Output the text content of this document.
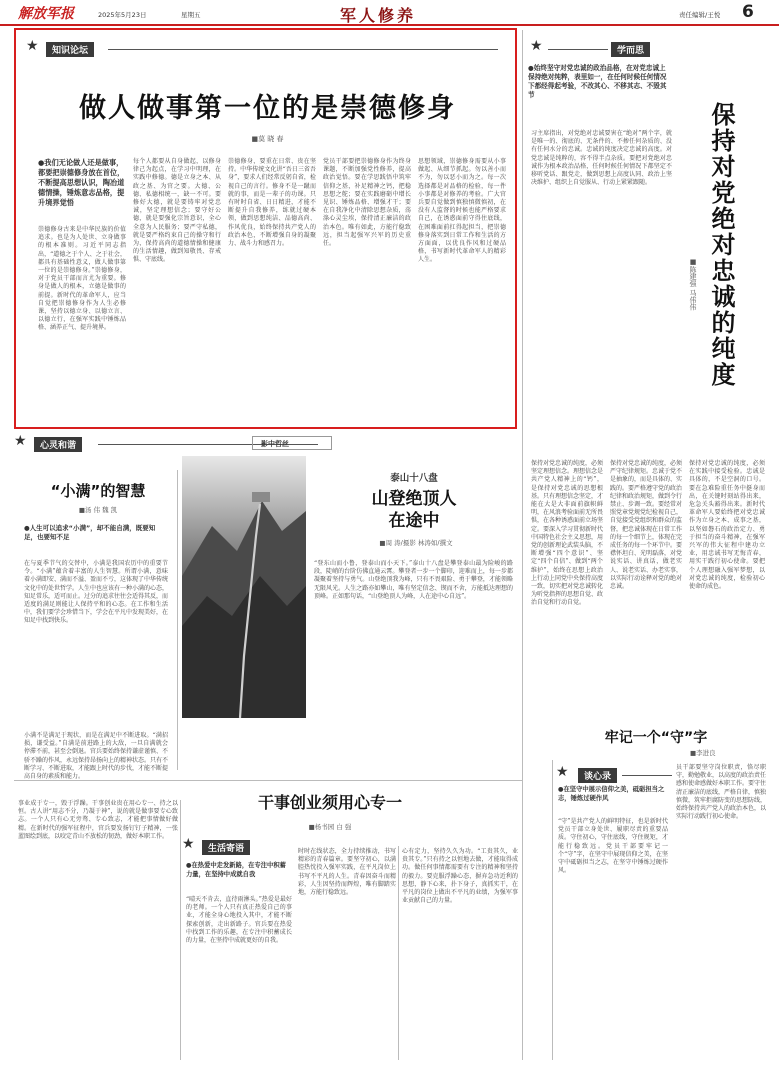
解放军报	2025年5月23日	星期五	军人修养	责任编辑/王悦 6
★	知识论坛
做人做事第一位的是崇德修身
■莫 晓 春
●我们无论做人还是做事，都要把崇德修身放在首位，不断提高思想认识，陶冶道德情操，锤炼意志品格，提升境界觉悟
崇德修身古来是中华民族的价值追求。也是为人处世、立身做事的根本准则。习近平同志指出，“道德之于个人、之于社会，都具有基础性意义，做人做事第一位的是崇德修身。”崇德修身，对于党员干部而言尤为重要。修身是做人的根本，立德是做事的前提。新时代的革命军人，应当自觉把崇德修身作为人生必修课，坚持以德立身、以德立言、以德立行，在强军实践中锤炼品格、涵养正气、提升境界。
每个人都要从自身做起，以修身律己为起点，在学习中明理，在实践中修德。德是立身之本、从政之基、为官之要。大德、公德、私德相统一，缺一不可。要修好大德，就是要铸牢对党忠诚，坚定理想信念；要守好公德，就是要强化宗旨意识，全心全意为人民服务；要严守私德，就是要严格约束自己的操守和行为，保持高尚的道德情操和健康的生活情趣，做到知敬畏、存戒惧、守底线。
崇德修身，要重在日常、贵在坚持。中华传统文化讲“吾日三省吾身”，要求人们经常反躬自省，检视自己的言行。修身不是一蹴而就的事，而是一辈子的功课。只有时时自省、日日精进，才能不断提升自我修养，练就过硬本领，做到思想纯洁、品德高尚、作风优良，始终保持共产党人的政治本色，不断增强自身的凝聚力、战斗力和感召力。
党员干部要把崇德修身作为终身课题，不断加强党性修养，提高政治觉悟。要在学思践悟中筑牢信仰之基，补足精神之钙，把稳思想之舵；要在实践磨砺中增长见识、锤炼品格、增强才干；要在自我净化中清除思想杂质，荡涤心灵尘埃，保持清正廉洁的政治本色。唯有如此，方能行稳致远，担当起强军兴军的历史重任。
思想领域，崇德修身需要从小事做起、从细节抓起。勿以善小而不为，勿以恶小而为之。每一次选择都是对品格的检验，每一件小事都是对修养的考验。广大官兵要自觉做到慎独慎微慎初，在没有人监督的时候也能严格要求自己，在诱惑面前守得住底线，在困难面前扛得起担当，把崇德修身落实到日常工作和生活的方方面面，以优良作风和过硬品格，书写新时代革命军人的精彩人生。
★	学而思
●始终坚守对党忠诚的政治品格，在对党忠诚上保持绝对纯粹，表里如一，在任何时候任何情况下都经得起考验，不改其心、不移其志、不毁其节
保持对党绝对忠诚的纯度
■陈建强 马伟伟
习主席指出，对党绝对忠诚要害在“绝对”两个字，就是唯一的、彻底的、无条件的、不掺任何杂质的、没有任何水分的忠诚。忠诚的纯度决定忠诚的高度。对党忠诚是纯粹的，容不得半点杂质。要把对党绝对忠诚作为根本政治品格，任何时候任何情况下都坚定不移听党话、跟党走，做到思想上高度认同、政治上坚决维护、组织上自觉服从、行动上紧紧跟随。
保持对党忠诚的纯度，必须坚定理想信念。理想信念是共产党人精神上的“钙”，是保持对党忠诚的思想根基。只有理想信念坚定，才能在大是大非面前旗帜鲜明，在风浪考验面前无所畏惧，在各种诱惑面前立场坚定。要深入学习贯彻新时代中国特色社会主义思想，用党的创新理论武装头脑，不断增强“四个意识”、坚定“四个自信”、做到“两个维护”，始终在思想上政治上行动上同党中央保持高度一致，切实把对党忠诚转化为听党指挥的思想自觉、政治自觉和行动自觉。
保持对党忠诚的纯度，必须严守纪律规矩。忠诚于党不是抽象的，而是具体的、实践的。要严格遵守党的政治纪律和政治规矩，做到令行禁止、步调一致。要经常对照党章党规党纪检视自己，自觉接受党组织和群众的监督，把忠诚体现在日常工作的每一个细节上，体现在完成任务的每一个环节中。要襟怀坦白、光明磊落，对党说实话、讲真话，做老实人、说老实话、办老实事，以实际行动诠释对党的绝对忠诚。
保持对党忠诚的纯度，必须在实践中接受检验。忠诚是具体的，不是空洞的口号。要在急难险重任务中挺身而出，在关键时刻站得出来，危急关头豁得出来。新时代革命军人要始终把对党忠诚作为立身之本、成事之基，以坚如磐石的政治定力、勇于担当的奋斗精神，在强军兴军的伟大征程中建功立业，用忠诚书写无悔青春，用实干践行初心使命。要把个人理想融入强军梦想，以对党忠诚的纯度，检验初心使命的成色。
★	心灵和谐
“小满”的智慧
■汤 伟 魏 凯
●人生可以追求“小满”，却不能自满，既要知足，也要知不足
在与夏季节气的交替中，小满是我国农历中的重要节令。“小满”蕴含着丰富的人生智慧。所谓小满，意味着小满即安、满而不溢、盈而不亏，这体现了中华传统文化中的处世哲学。人生中也应该有一种小满的心态，知足常乐，适可而止。过分的追求往往会适得其反，而适度的满足则能让人保持平和的心态。在工作和生活中，我们要学会珍惜当下，学会在平凡中发现美好，在知足中找到快乐。
小满不是满足于现状，而是在满足中不断进取。“满招损，谦受益。”自满是前进路上的大敌，一旦自满就会停滞不前，甚至会倒退。官兵要始终保持谦虚谨慎、不骄不躁的作风，永远保持昂扬向上的精神状态。只有不断学习、不断进取，才能跟上时代的步伐，才能不断提高自身的素质和能力。
影中哲丝
泰山十八盘
山登绝顶人在途中
■周 涛/摄影 林涛如/撰文
“登东山而小鲁，登泰山而小天下。”泰山十八盘是攀登泰山最为险峻的路段，陡峭的台阶仿佛直通云霄。攀登者一步一个脚印，迎难而上，每一步都凝聚着坚持与勇气。山登绝顶我为峰，只有不畏艰险、勇于攀登，才能领略无限风光。人生之路亦如攀山，唯有坚定信念、锲而不舍，方能抵达理想的顶峰。正如那句话，“山登绝顶人为峰，人在途中心自远”。
牢记一个“守”字
■李进良
干事创业须用心专一
■杨书园 白 强
事业成于专一，毁于浮躁。干事创业贵在用心专一、持之以恒。古人讲“用志不分，乃凝于神”，说的就是做事要专心致志。一个人只有心无旁骛、专心致志，才能把事情做好做精。在新时代的强军征程中，官兵要发扬钉钉子精神，一张蓝图绘到底，以咬定青山不放松的韧劲，做好本职工作。
心有定力，坚持久久为功。“工贵其久，业贵其专。”只有持之以恒地去做，才能取得成功。做任何事情都需要有专注的精神和坚持的毅力。要克服浮躁心态，摒弃急功近利的思想，静下心来，扑下身子，真抓实干，在平凡的岗位上做出不平凡的业绩，为强军事业贡献自己的力量。
★	生活寄语
●在热爱中走发新路，在专注中积蓄力量，在坚持中成就自我
“晴天不肯去，直待雨淋头。”热爱是最好的老师。一个人只有真正热爱自己的事业，才能全身心地投入其中，才能不断探索创新，走出新路子。官兵要在热爱中找到工作的乐趣，在专注中积蓄成长的力量，在坚持中成就更好的自我。
时时在线状态，全力持续推动，书写精彩的青春篇章。要坚守初心，以满腔热忱投入强军实践，在平凡岗位上书写不平凡的人生。青春因奋斗而精彩，人生因坚持而辉煌，唯有脚踏实地，方能行稳致远。
★	谈心录
●在坚守中展示信仰之美，砥砺担当之志，锤炼过硬作风
“守”是共产党人的鲜明特征，也是新时代党员干部立身处世、履职尽责的重要品质。守住初心，守住底线，守住规矩，才能行稳致远。党员干部要牢记一个“守”字，在坚守中展现信仰之美，在坚守中砥砺担当之志，在坚守中锤炼过硬作风。
员干部要坚守岗位职责，恪尽职守，勤勉敬业，以高度的政治责任感和使命感做好本职工作。要守住清正廉洁的底线，严格自律，慎独慎微，筑牢拒腐防变的思想防线，始终保持共产党人的政治本色，以实际行动践行初心使命。
